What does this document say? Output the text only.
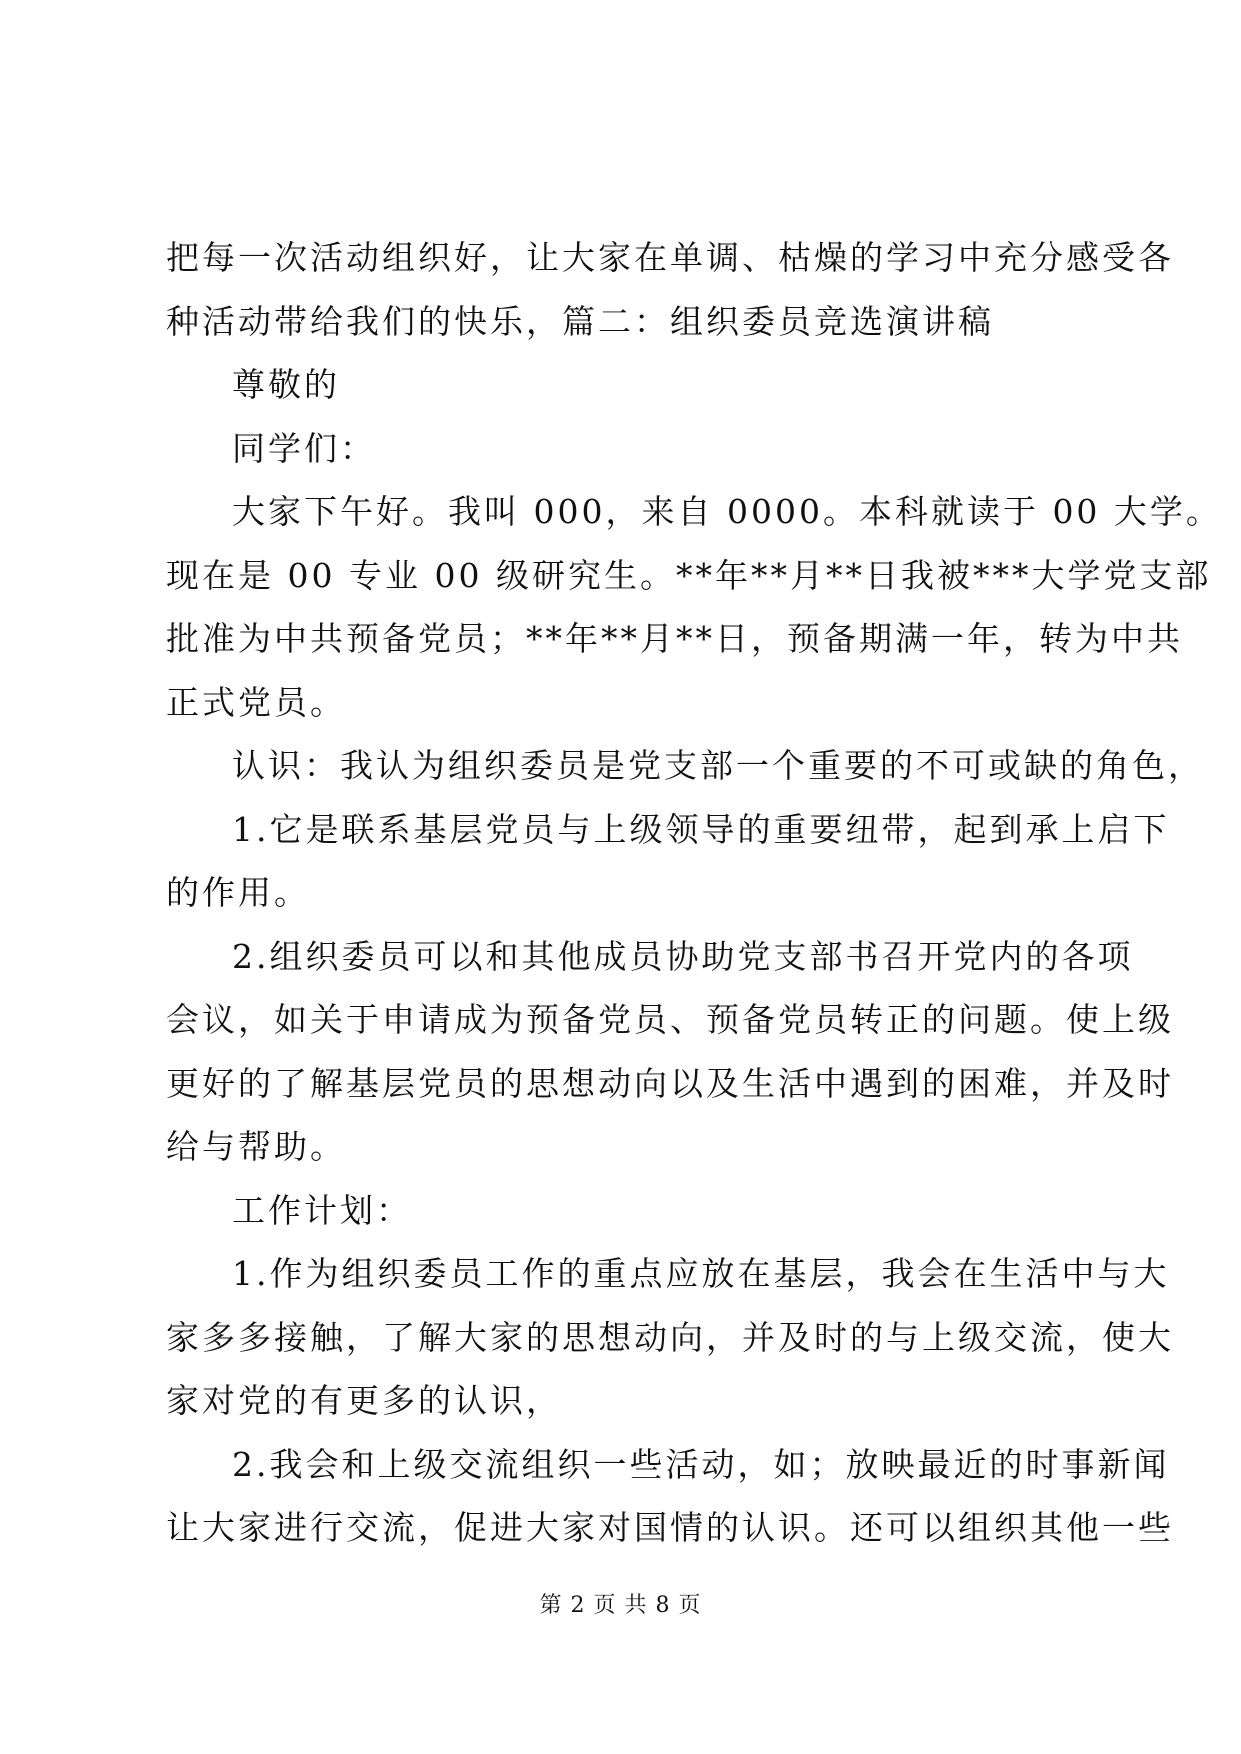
把每一次活动组织好，让大家在单调、枯燥的学习中充分感受各
种活动带给我们的快乐，篇二：组织委员竞选演讲稿
尊敬的
同学们：
大家下午好。我叫 000，来自 0000。本科就读于 00 大学。
现在是 00 专业 00 级研究生。**年**月**日我被***大学党支部
批准为中共预备党员；**年**月**日，预备期满一年，转为中共
正式党员。
认识：我认为组织委员是党支部一个重要的不可或缺的角色，
1.它是联系基层党员与上级领导的重要纽带，起到承上启下
的作用。
2.组织委员可以和其他成员协助党支部书召开党内的各项
会议，如关于申请成为预备党员、预备党员转正的问题。使上级
更好的了解基层党员的思想动向以及生活中遇到的困难，并及时
给与帮助。
工作计划：
1.作为组织委员工作的重点应放在基层，我会在生活中与大
家多多接触，了解大家的思想动向，并及时的与上级交流，使大
家对党的有更多的认识，
2.我会和上级交流组织一些活动，如；放映最近的时事新闻
让大家进行交流，促进大家对国情的认识。还可以组织其他一些
第 2 页 共 8 页
